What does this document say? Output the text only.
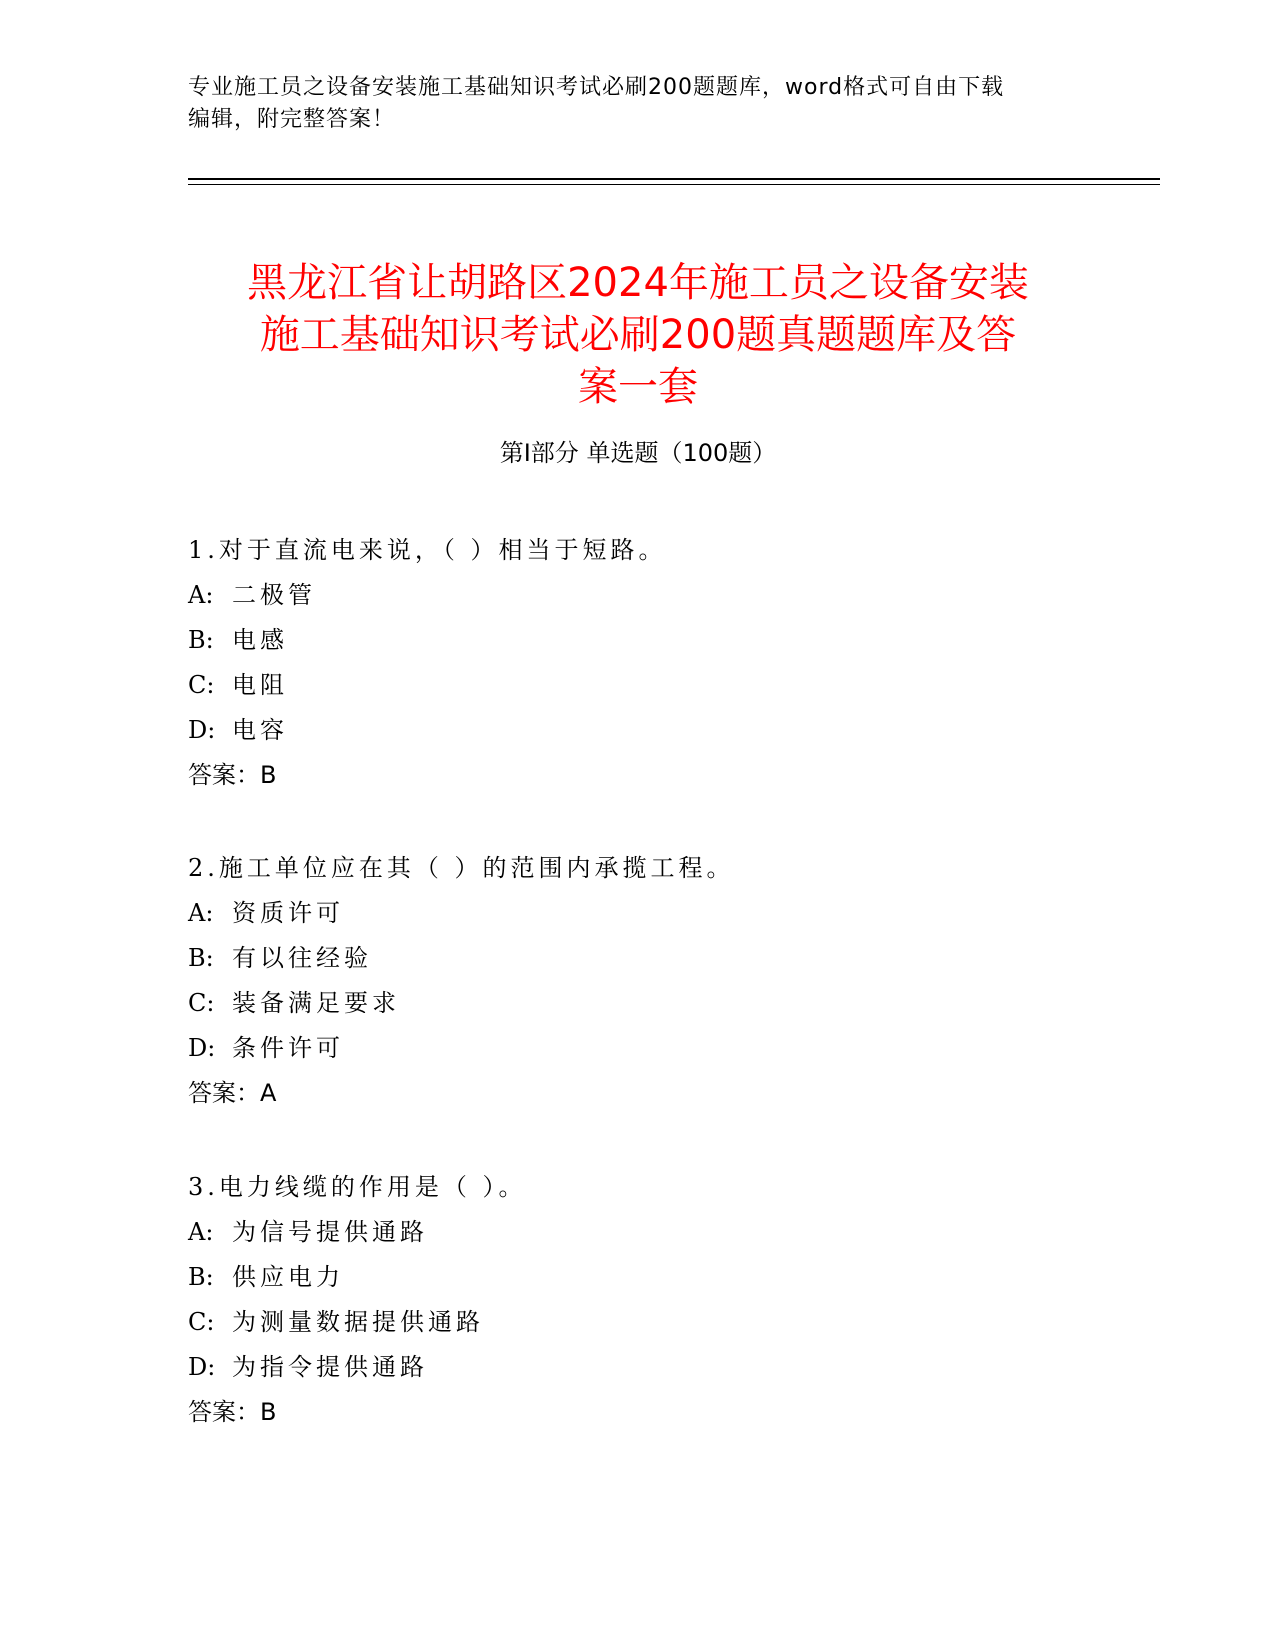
专业施工员之设备安装施工基础知识考试必刷200题题库，word格式可自由下载
编辑，附完整答案！
黑龙江省让胡路区2024年施工员之设备安装
施工基础知识考试必刷200题真题题库及答
案一套
第Ⅰ部分 单选题（100题）
1.对于直流电来说，（ ）相当于短路。
A: 二极管
B: 电感
C: 电阻
D: 电容
答案：B
2.施工单位应在其（ ）的范围内承揽工程。
A: 资质许可
B: 有以往经验
C: 装备满足要求
D: 条件许可
答案：A
3.电力线缆的作用是（ ）。
A: 为信号提供通路
B: 供应电力
C: 为测量数据提供通路
D: 为指令提供通路
答案：B
